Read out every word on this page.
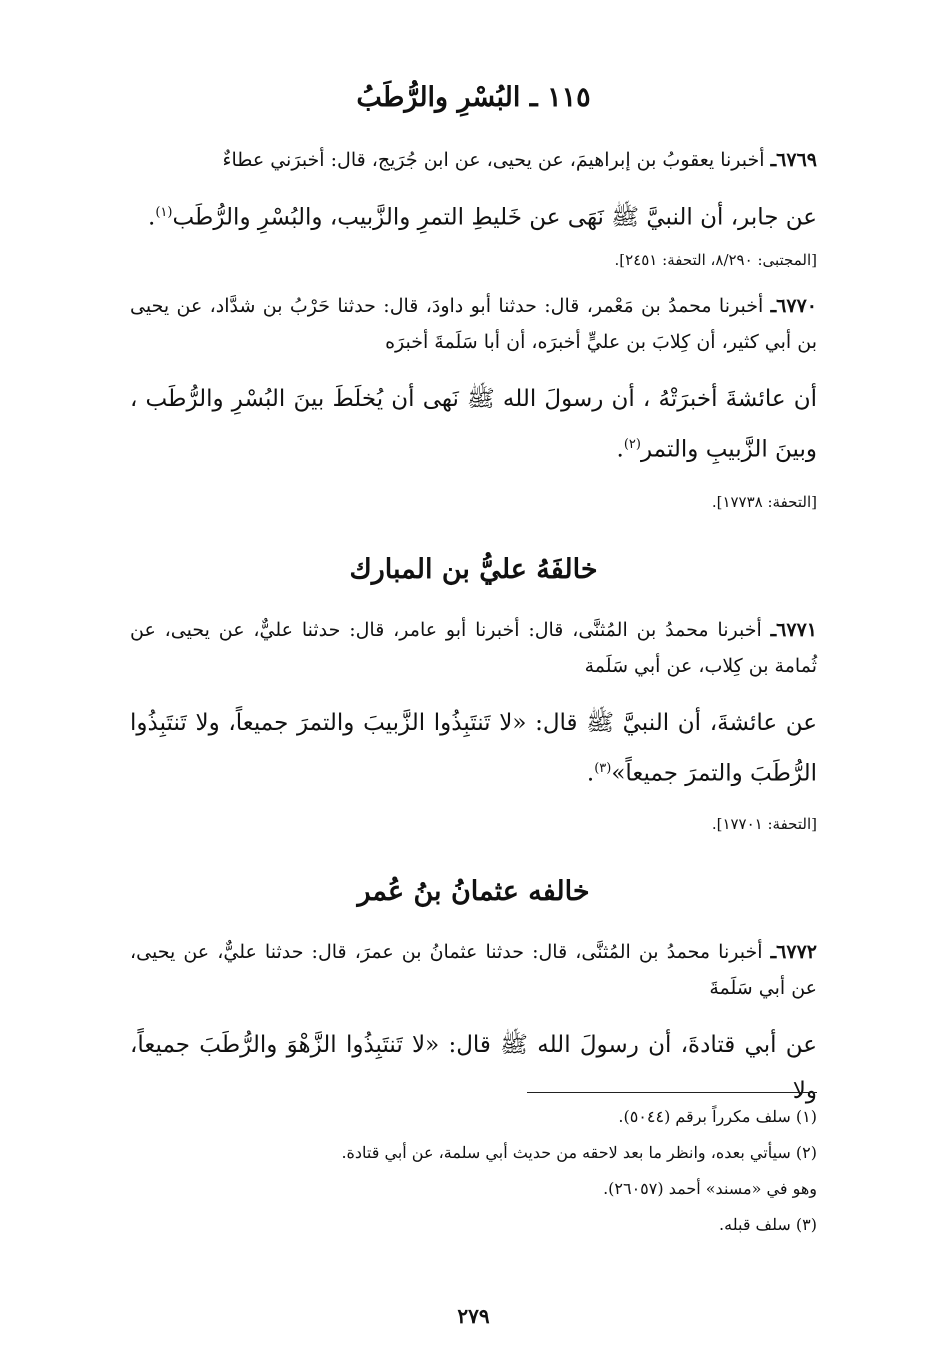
١١٥ ـ البُسْرِ والرُّطَبُ
٦٧٦٩ـ أخبرنا يعقوبُ بن إبراهيمَ، عن يحيى، عن ابن جُرَيج، قال: أخبرَني عطاءٌ
عن جابر، أن النبيَّ ﷺ نَهَى عن خَليطِ التمرِ والزَّبيب، والبُسْرِ والرُّطَب$^{(١)}$.
[المجتبى: ٨/٢٩٠، التحفة: ٢٤٥١].
٦٧٧٠ـ أخبرنا محمدُ بن مَعْمر، قال: حدثنا أبو داودَ، قال: حدثنا حَرْبُ بن شدَّاد، عن يحيى بن أبي كثير، أن كِلابَ بن عليٍّ أخبرَه، أن أبا سَلَمةَ أخبرَه
أن عائشةَ أخبرَتْهُ ، أن رسولَ الله ﷺ نَهى أن يُخلَطَ بينَ البُسْرِ والرُّطَب ، وبينَ الزَّبيبِ والتمر$^{(٢)}$.
[التحفة: ١٧٧٣٨].
خالفَهُ عليُّ بن المبارك
٦٧٧١ـ أخبرنا محمدُ بن المُثنَّى، قال: أخبرنا أبو عامر، قال: حدثنا عليٌّ، عن يحيى، عن ثُمامة بن كِلاب، عن أبي سَلَمة
عن عائشةَ، أن النبيَّ ﷺ قال: «لا تَنتَبِذُوا الزَّبيبَ والتمرَ جميعاً، ولا تَنتَبِذُوا الرُّطَبَ والتمرَ جميعاً»$^{(٣)}$.
[التحفة: ١٧٧٠١].
خالفه عثمانُ بنُ عُمر
٦٧٧٢ـ أخبرنا محمدُ بن المُثنَّى، قال: حدثنا عثمانُ بن عمرَ، قال: حدثنا عليٌّ، عن يحيى، عن أبي سَلَمةَ
عن أبي قتادةَ، أن رسولَ الله ﷺ قال: «لا تَنتَبِذُوا الزَّهْوَ والرُّطَبَ جميعاً، ولا
(١) سلف مكرراً برقم (٥٠٤٤).
(٢) سيأتي بعده، وانظر ما بعد لاحقه من حديث أبي سلمة، عن أبي قتادة.
وهو في «مسند» أحمد (٢٦٠٥٧).
(٣) سلف قبله.
٢٧٩
